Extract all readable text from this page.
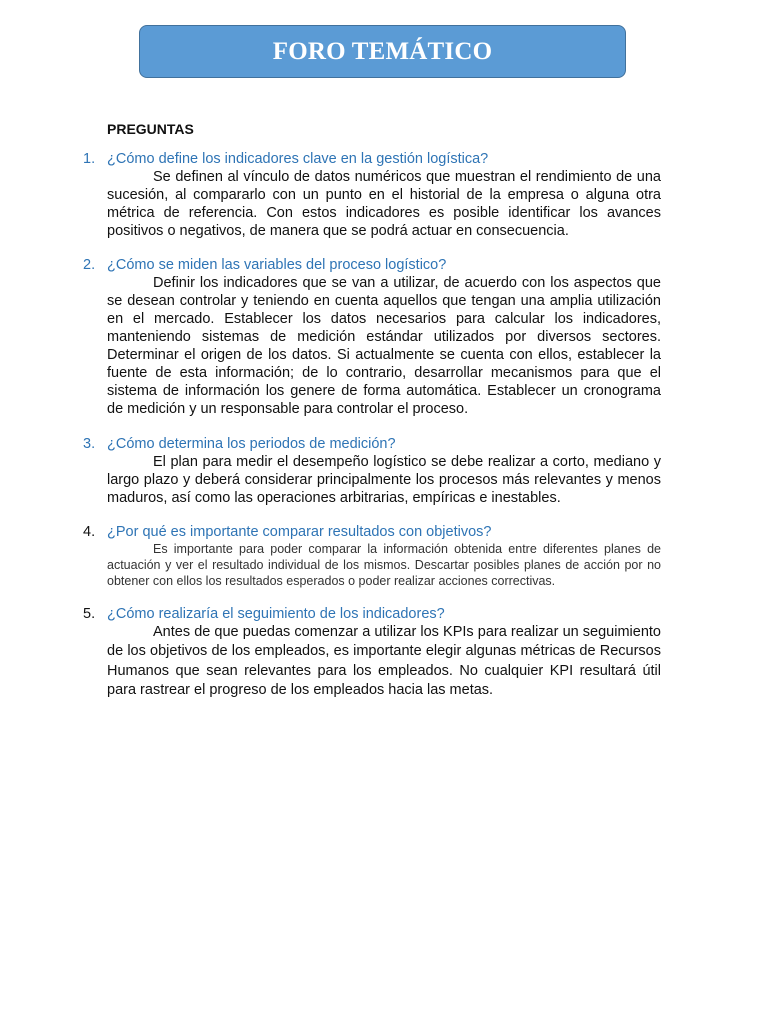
FORO TEMÁTICO

PREGUNTAS

1. ¿Cómo define los indicadores clave en la gestión logística?

Se definen al vínculo de datos numéricos que muestran el rendimiento de una sucesión, al compararlo con un punto en el historial de la empresa o alguna otra métrica de referencia. Con estos indicadores es posible identificar los avances positivos o negativos, de manera que se podrá actuar en consecuencia.

2. ¿Cómo se miden las variables del proceso logístico?

Definir los indicadores que se van a utilizar, de acuerdo con los aspectos que se desean controlar y teniendo en cuenta aquellos que tengan una amplia utilización en el mercado. Establecer los datos necesarios para calcular los indicadores, manteniendo sistemas de medición estándar utilizados por diversos sectores. Determinar el origen de los datos. Si actualmente se cuenta con ellos, establecer la fuente de esta información; de lo contrario, desarrollar mecanismos para que el sistema de información los genere de forma automática. Establecer un cronograma de medición y un responsable para controlar el proceso.

3. ¿Cómo determina los periodos de medición?

El plan para medir el desempeño logístico se debe realizar a corto, mediano y largo plazo y deberá considerar principalmente los procesos más relevantes y menos maduros, así como las operaciones arbitrarias, empíricas e inestables.

4. ¿Por qué es importante comparar resultados con objetivos?

Es importante para poder comparar la información obtenida entre diferentes planes de actuación y ver el resultado individual de los mismos. Descartar posibles planes de acción por no obtener con ellos los resultados esperados o poder realizar acciones correctivas.

5. ¿Cómo realizaría el seguimiento de los indicadores?

Antes de que puedas comenzar a utilizar los KPIs para realizar un seguimiento de los objetivos de los empleados, es importante elegir algunas métricas de Recursos Humanos que sean relevantes para los empleados. No cualquier KPI resultará útil para rastrear el progreso de los empleados hacia las metas.
